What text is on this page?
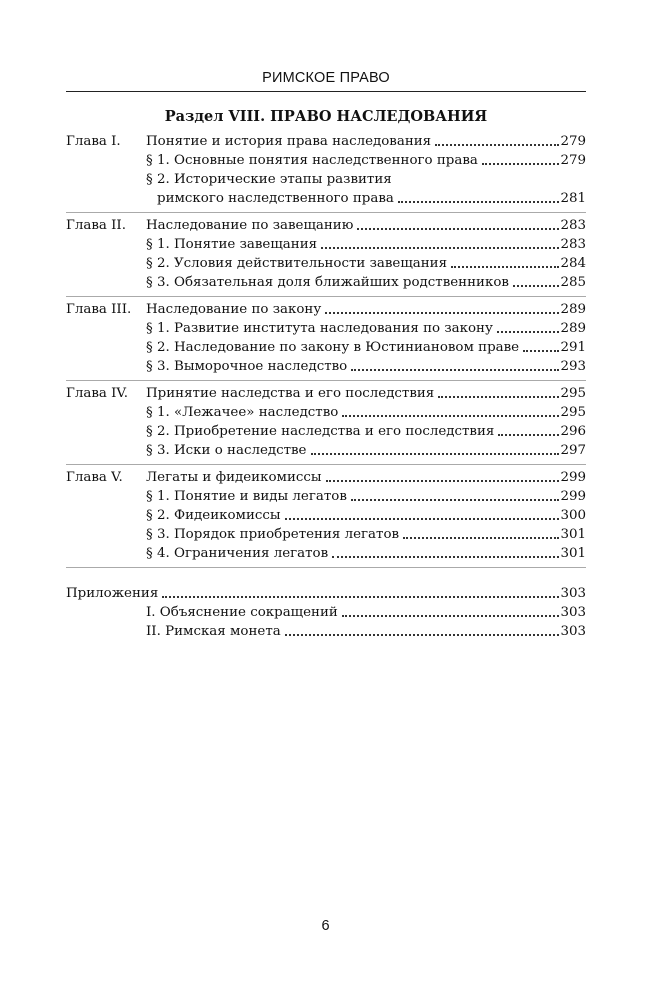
РИМСКОЕ ПРАВО
Раздел VIII. ПРАВО НАСЛЕДОВАНИЯ
Глава I.	Понятие и история права наследования	279
§ 1. Основные понятия наследственного права	279
§ 2. Исторические этапы развития
римского наследственного права	281
Глава II.	Наследование по завещанию	283
§ 1. Понятие завещания	283
§ 2. Условия действительности завещания	284
§ 3. Обязательная доля ближайших родственников	285
Глава III.	Наследование по закону	289
§ 1. Развитие института наследования по закону	289
§ 2. Наследование по закону в Юстиниановом праве	291
§ 3. Выморочное наследство	293
Глава IV.	Принятие наследства и его последствия	295
§ 1. «Лежачее» наследство	295
§ 2. Приобретение наследства и его последствия	296
§ 3. Иски о наследстве	297
Глава V.	Легаты и фидеикомиссы	299
§ 1. Понятие и виды легатов	299
§ 2. Фидеикомиссы	300
§ 3. Порядок приобретения легатов	301
§ 4. Ограничения легатов	301
Приложения	303
I. Объяснение сокращений	303
II. Римская монета	303
6
